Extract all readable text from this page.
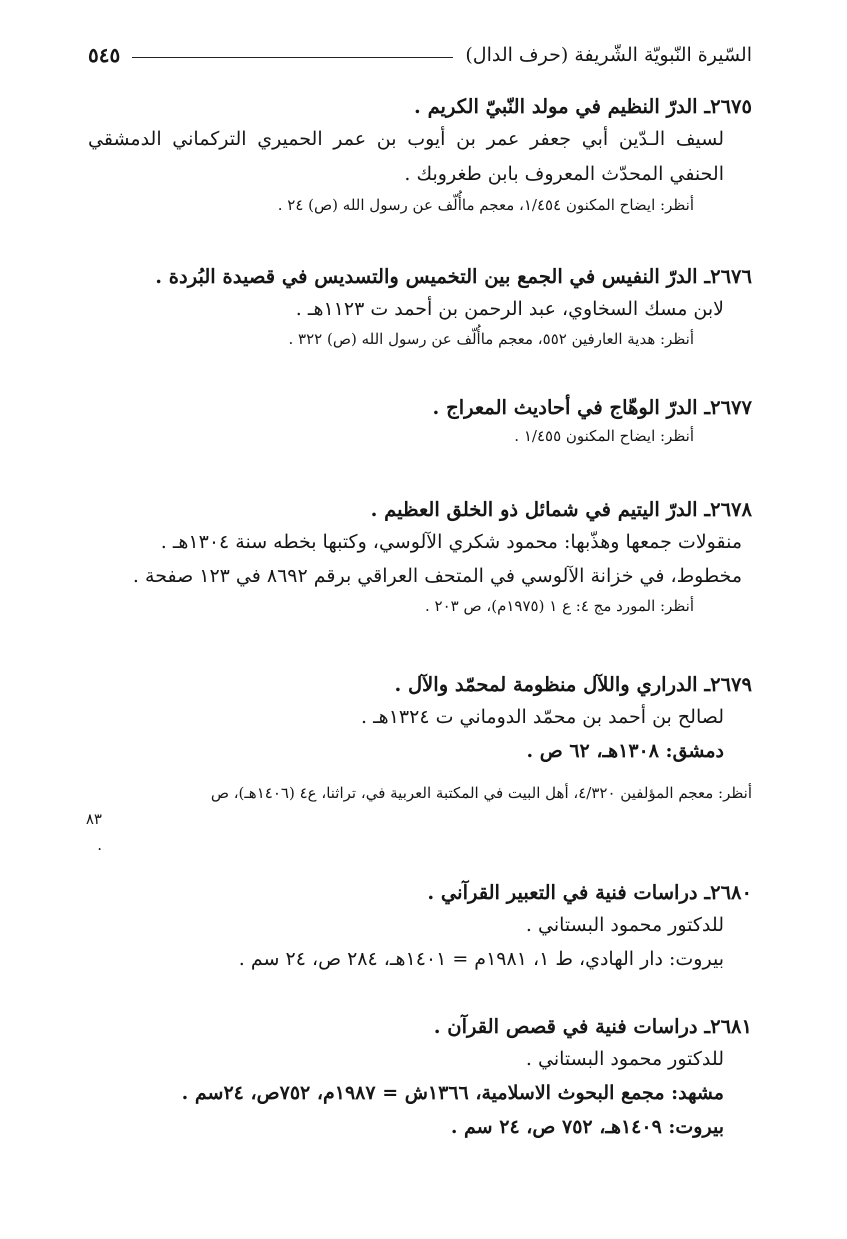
السّيرة النّبويّة الشّريفة (حرف الدال)
٥٤٥
٢٦٧٥ـ الدرّ النظيم في مولد النّبيّ الكريم .
لسيف الـدّين أبي جعفر عمر بن أيوب بن عمر الحميري التركماني الدمشقي الحنفي المحدّث المعروف بابن طغروبك .
أنظر: ايضاح المكنون ١/٤٥٤، معجم ماأُلّف عن رسول الله (ص) ٢٤ .
٢٦٧٦ـ الدرّ النفيس في الجمع بين التخميس والتسديس في قصيدة البُردة .
لابن مسك السخاوي، عبد الرحمن بن أحمد ت ١١٢٣هـ .
أنظر: هدية العارفين ٥٥٢، معجم ماأُلّف عن رسول الله (ص) ٣٢٢ .
٢٦٧٧ـ الدرّ الوهّاج في أحاديث المعراج .
أنظر: ايضاح المكنون ١/٤٥٥ .
٢٦٧٨ـ الدرّ اليتيم في شمائل ذو الخلق العظيم .
منقولات جمعها وهذّبها: محمود شكري الآلوسي، وكتبها بخطه سنة ١٣٠٤هـ .
مخطوط، في خزانة الآلوسي في المتحف العراقي برقم ٨٦٩٢ في ١٢٣ صفحة .
أنظر: المورد مج ٤: ع ١ (١٩٧٥م)، ص ٢٠٣ .
٢٦٧٩ـ الدراري واللآل منظومة لمحمّد والآل .
لصالح بن أحمد بن محمّد الدوماني ت ١٣٢٤هـ .
دمشق: ١٣٠٨هـ، ٦٢ ص .
أنظر: معجم المؤلفين ٤/٣٢٠، أهل البيت في المكتبة العربية في، تراثنا، ع٤ (١٤٠٦هـ)، ص
٨٣ .
٢٦٨٠ـ دراسات فنية في التعبير القرآني .
للدكتور محمود البستاني .
بيروت: دار الهادي، ط ١، ١٩٨١م = ١٤٠١هـ، ٢٨٤ ص، ٢٤ سم .
٢٦٨١ـ دراسات فنية في قصص القرآن .
للدكتور محمود البستاني .
مشهد: مجمع البحوث الاسلامية، ١٣٦٦ش = ١٩٨٧م، ٧٥٢ص، ٢٤سم .
بيروت: ١٤٠٩هـ، ٧٥٢ ص، ٢٤ سم .
